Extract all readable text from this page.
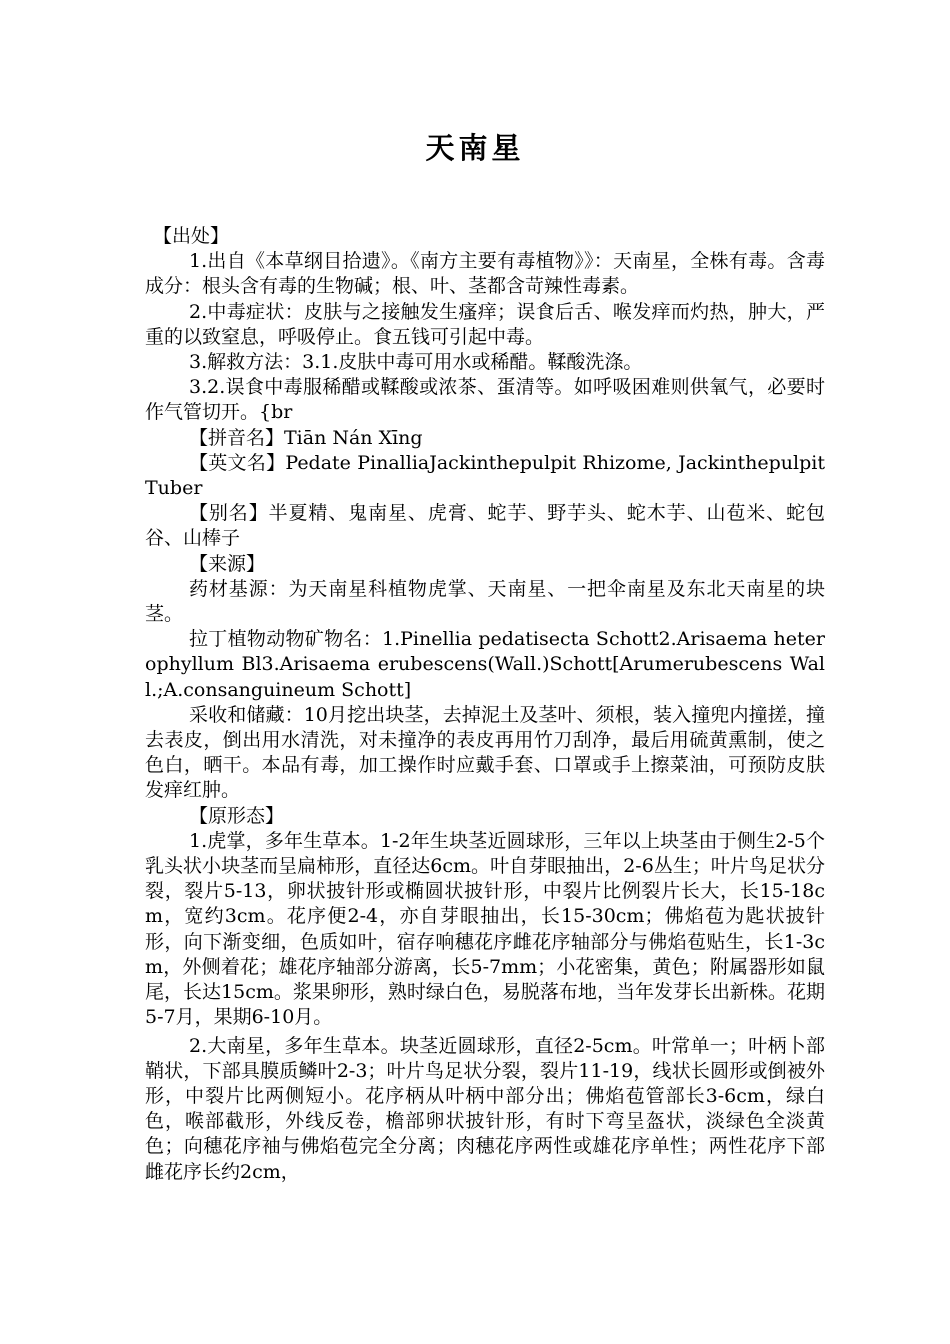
天南星

【出处】

1.出自《本草纲目拾遗》。《南方主要有毒植物》》：天南星，全株有毒。含毒成分：根头含有毒的生物碱；根、叶、茎都含苛辣性毒素。

2.中毒症状：皮肤与之接触发生瘙痒；误食后舌、喉发痒而灼热，肿大，严重的以致窒息，呼吸停止。食五钱可引起中毒。

3.解救方法：3.1.皮肤中毒可用水或稀醋。鞣酸洗涤。

3.2.误食中毒服稀醋或鞣酸或浓茶、蛋清等。如呼吸困难则供氧气，必要时作气管切开。{br

【拼音名】Tiān Nán Xīng

【英文名】Pedate PinalliaJackinthepulpit Rhizome, Jackinthepulpit Tuber

【别名】半夏精、鬼南星、虎膏、蛇芋、野芋头、蛇木芋、山苞米、蛇包谷、山棒子

【来源】

药材基源：为天南星科植物虎掌、天南星、一把伞南星及东北天南星的块茎。

拉丁植物动物矿物名：1.Pinellia pedatisecta Schott2.Arisaema heterophyllum Bl3.Arisaema erubescens(Wall.)Schott[Arumerubescens Wall.;A.consanguineum Schott]

采收和储藏：10月挖出块茎，去掉泥土及茎叶、须根，装入撞兜内撞搓，撞去表皮，倒出用水清洗，对未撞净的表皮再用竹刀刮净，最后用硫黄熏制，使之色白，晒干。本品有毒，加工操作时应戴手套、口罩或手上擦菜油，可预防皮肤发痒红肿。

【原形态】

1.虎掌，多年生草本。1-2年生块茎近圆球形，三年以上块茎由于侧生2-5个乳头状小块茎而呈扁柿形，直径达6cm。叶自芽眼抽出，2-6丛生；叶片鸟足状分裂，裂片5-13，卵状披针形或椭圆状披针形，中裂片比例裂片长大，长15-18cm，宽约3cm。花序便2-4，亦自芽眼抽出，长15-30cm；佛焰苞为匙状披针形，向下渐变细，色质如叶，宿存响穗花序雌花序轴部分与佛焰苞贴生，长1-3cm，外侧着花；雄花序轴部分游离，长5-7mm；小花密集，黄色；附属器形如鼠尾，长达15cm。浆果卵形，熟时绿白色，易脱落布地，当年发芽长出新株。花期5-7月，果期6-10月。

2.大南星，多年生草本。块茎近圆球形，直径2-5cm。叶常单一；叶柄卜部鞘状，下部具膜质鳞叶2-3；叶片鸟足状分裂，裂片11-19，线状长圆形或倒被外形，中裂片比两侧短小。花序柄从叶柄中部分出；佛焰苞管部长3-6cm，绿白色，喉部截形，外线反卷，檐部卵状披针形，有时下弯呈盔状，淡绿色全淡黄色；向穗花序袖与佛焰苞完全分离；肉穗花序两性或雄花序单性；两性花序下部雌花序长约2cm，
